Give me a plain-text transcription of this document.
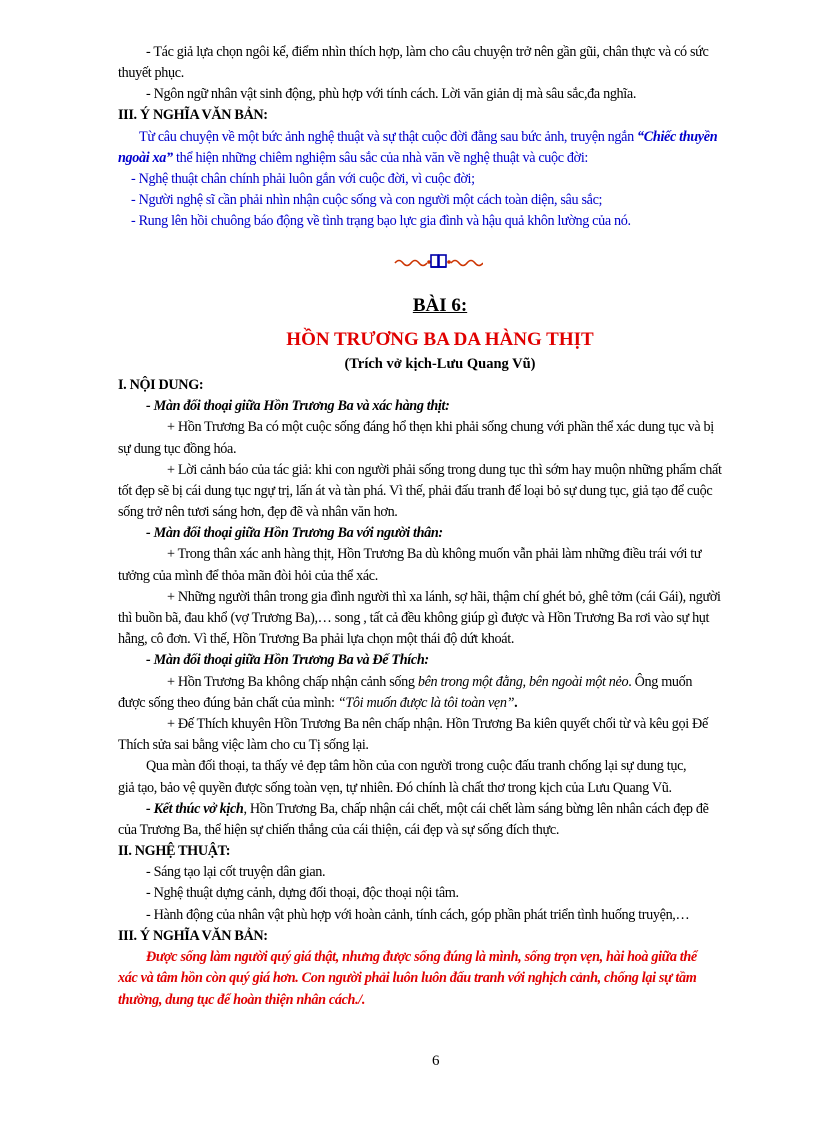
- Tác giả lựa chọn ngôi kể, điểm nhìn thích hợp, làm cho câu chuyện trở nên gần gũi, chân thực và có sức
thuyết phục.
- Ngôn ngữ nhân vật sinh động, phù hợp với tính cách. Lời văn giản dị mà sâu sắc,đa nghĩa.
III. Ý NGHĨA VĂN BẢN:
Từ câu chuyện về một bức ảnh nghệ thuật và sự thật cuộc đời đằng sau bức ảnh, truyện ngắn “Chiếc thuyền
ngoài xa” thể hiện những chiêm nghiệm sâu sắc của nhà văn về nghệ thuật và cuộc đời:
- Nghệ thuật chân chính phải luôn gắn với cuộc đời, vì cuộc đời;
- Người nghệ sĩ cần phải nhìn nhận cuộc sống và con người một cách toàn diện, sâu sắc;
- Rung lên hồi chuông báo động về tình trạng bạo lực gia đình và hậu quả khôn lường của nó.
BÀI 6:
HỒN TRƯƠNG BA DA HÀNG THỊT
(Trích vở kịch-Lưu Quang Vũ)
I. NỘI DUNG:
- Màn đối thoại giữa Hồn Trương Ba và xác hàng thịt:
+ Hồn Trương Ba có một cuộc sống đáng hổ thẹn khi phải sống chung với phần thể xác dung tục và bị
sự dung tục đồng hóa.
+ Lời cảnh báo của tác giả: khi con người phải sống trong dung tục thì sớm hay muộn những phẩm chất
tốt đẹp sẽ bị cái dung tục ngự trị, lấn át và tàn phá. Vì thế, phải đấu tranh để loại bỏ sự dung tục, giả tạo để cuộc
sống trở nên tươi sáng hơn, đẹp đẽ và nhân văn hơn.
- Màn đối thoại giữa Hồn Trương Ba với người thân:
+ Trong thân xác anh hàng thịt, Hồn Trương Ba dù không muốn vẫn phải làm những điều trái với tư
tưởng của mình để thỏa mãn đòi hỏi của thể xác.
+ Những người thân trong gia đình người thì xa lánh, sợ hãi, thậm chí ghét bỏ, ghê tởm (cái Gái), người
thì buồn bã, đau khổ (vợ Trương Ba),… song , tất cả đều không giúp gì được và Hồn Trương Ba rơi vào sự hụt
hẫng, cô đơn. Vì thế, Hồn Trương Ba phải lựa chọn một thái độ dứt khoát.
- Màn đối thoại giữa Hồn Trương Ba và Đế Thích:
+ Hồn Trương Ba không chấp nhận cảnh sống bên trong một đằng, bên ngoài một nẻo. Ông muốn
được sống theo đúng bản chất của mình: “Tôi muốn được là tôi toàn vẹn”.
+ Đế Thích khuyên Hồn Trương Ba nên chấp nhận. Hồn Trương Ba kiên quyết chối từ và kêu gọi Đế
Thích sửa sai bằng việc làm cho cu Tị sống lại.
Qua màn đối thoại, ta thấy vẻ đẹp tâm hồn của con người trong cuộc đấu tranh chống lại sự dung tục,
giả tạo, bảo vệ quyền được sống toàn vẹn, tự nhiên. Đó chính là chất thơ trong kịch của Lưu Quang Vũ.
- Kết thúc vở kịch, Hồn Trương Ba, chấp nhận cái chết, một cái chết làm sáng bừng lên nhân cách đẹp đẽ
của Trương Ba, thể hiện sự chiến thắng của cái thiện, cái đẹp và sự sống đích thực.
II. NGHỆ THUẬT:
- Sáng tạo lại cốt truyện dân gian.
- Nghệ thuật dựng cảnh, dựng đối thoại, độc thoại nội tâm.
- Hành động của nhân vật phù hợp với hoàn cảnh, tính cách, góp phần phát triển tình huống truyện,…
III. Ý NGHĨA VĂN BẢN:
Được sống làm người quý giá thật, nhưng được sống đúng là mình, sống trọn vẹn, hài hoà giữa thể
xác và tâm hồn còn quý giá hơn. Con người phải luôn luôn đấu tranh với nghịch cảnh, chống lại sự tầm
thường, dung tục để hoàn thiện nhân cách./.
6
